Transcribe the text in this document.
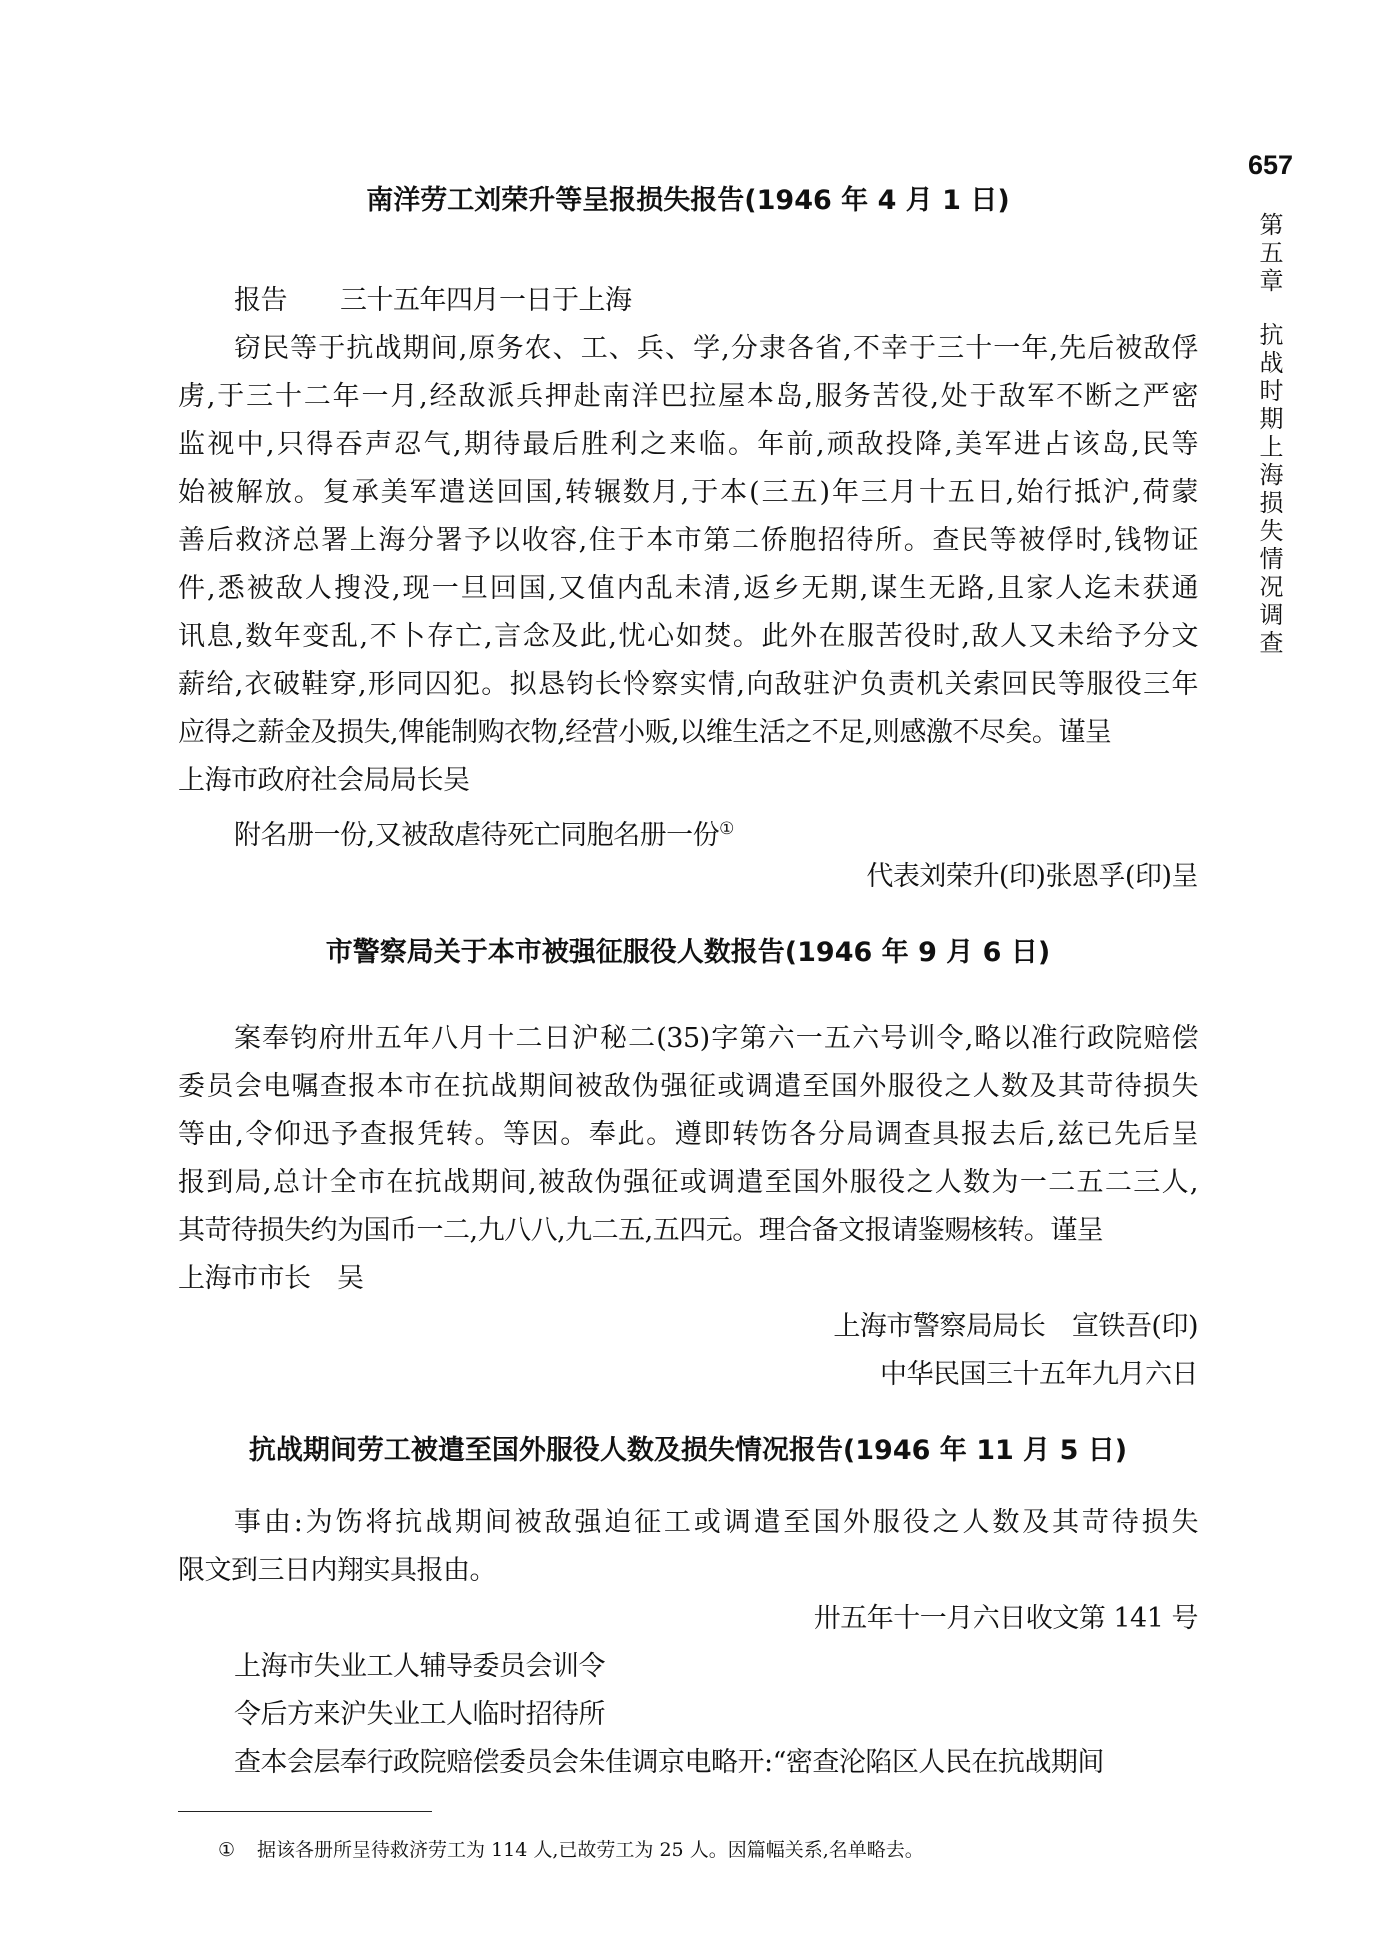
657
第五章抗战时期上海损失情况调查
南洋劳工刘荣升等呈报损失报告(1946 年 4 月 1 日)
报告　　三十五年四月一日于上海
窃民等于抗战期间,原务农、工、兵、学,分隶各省,不幸于三十一年,先后被敌俘
虏,于三十二年一月,经敌派兵押赴南洋巴拉屋本岛,服务苦役,处于敌军不断之严密
监视中,只得吞声忍气,期待最后胜利之来临。年前,顽敌投降,美军进占该岛,民等
始被解放。复承美军遣送回国,转辗数月,于本(三五)年三月十五日,始行抵沪,荷蒙
善后救济总署上海分署予以收容,住于本市第二侨胞招待所。查民等被俘时,钱物证
件,悉被敌人搜没,现一旦回国,又值内乱未清,返乡无期,谋生无路,且家人迄未获通
讯息,数年变乱,不卜存亡,言念及此,忧心如焚。此外在服苦役时,敌人又未给予分文
薪给,衣破鞋穿,形同囚犯。拟恳钧长怜察实情,向敌驻沪负责机关索回民等服役三年
应得之薪金及损失,俾能制购衣物,经营小贩,以维生活之不足,则感激不尽矣。谨呈
上海市政府社会局局长吴
附名册一份,又被敌虐待死亡同胞名册一份①
代表刘荣升(印)张恩孚(印)呈
市警察局关于本市被强征服役人数报告(1946 年 9 月 6 日)
案奉钧府卅五年八月十二日沪秘二(35)字第六一五六号训令,略以准行政院赔偿
委员会电嘱查报本市在抗战期间被敌伪强征或调遣至国外服役之人数及其苛待损失
等由,令仰迅予查报凭转。等因。奉此。遵即转饬各分局调查具报去后,兹已先后呈
报到局,总计全市在抗战期间,被敌伪强征或调遣至国外服役之人数为一二五二三人,
其苛待损失约为国币一二,九八八,九二五,五四元。理合备文报请鉴赐核转。谨呈
上海市市长　吴
上海市警察局局长　宣铁吾(印)
中华民国三十五年九月六日
抗战期间劳工被遣至国外服役人数及损失情况报告(1946 年 11 月 5 日)
事由:为饬将抗战期间被敌强迫征工或调遣至国外服役之人数及其苛待损失
限文到三日内翔实具报由。
卅五年十一月六日收文第 141 号
上海市失业工人辅导委员会训令
令后方来沪失业工人临时招待所
查本会层奉行政院赔偿委员会朱佳调京电略开:“密查沦陷区人民在抗战期间
① 据该各册所呈待救济劳工为 114 人,已故劳工为 25 人。因篇幅关系,名单略去。
